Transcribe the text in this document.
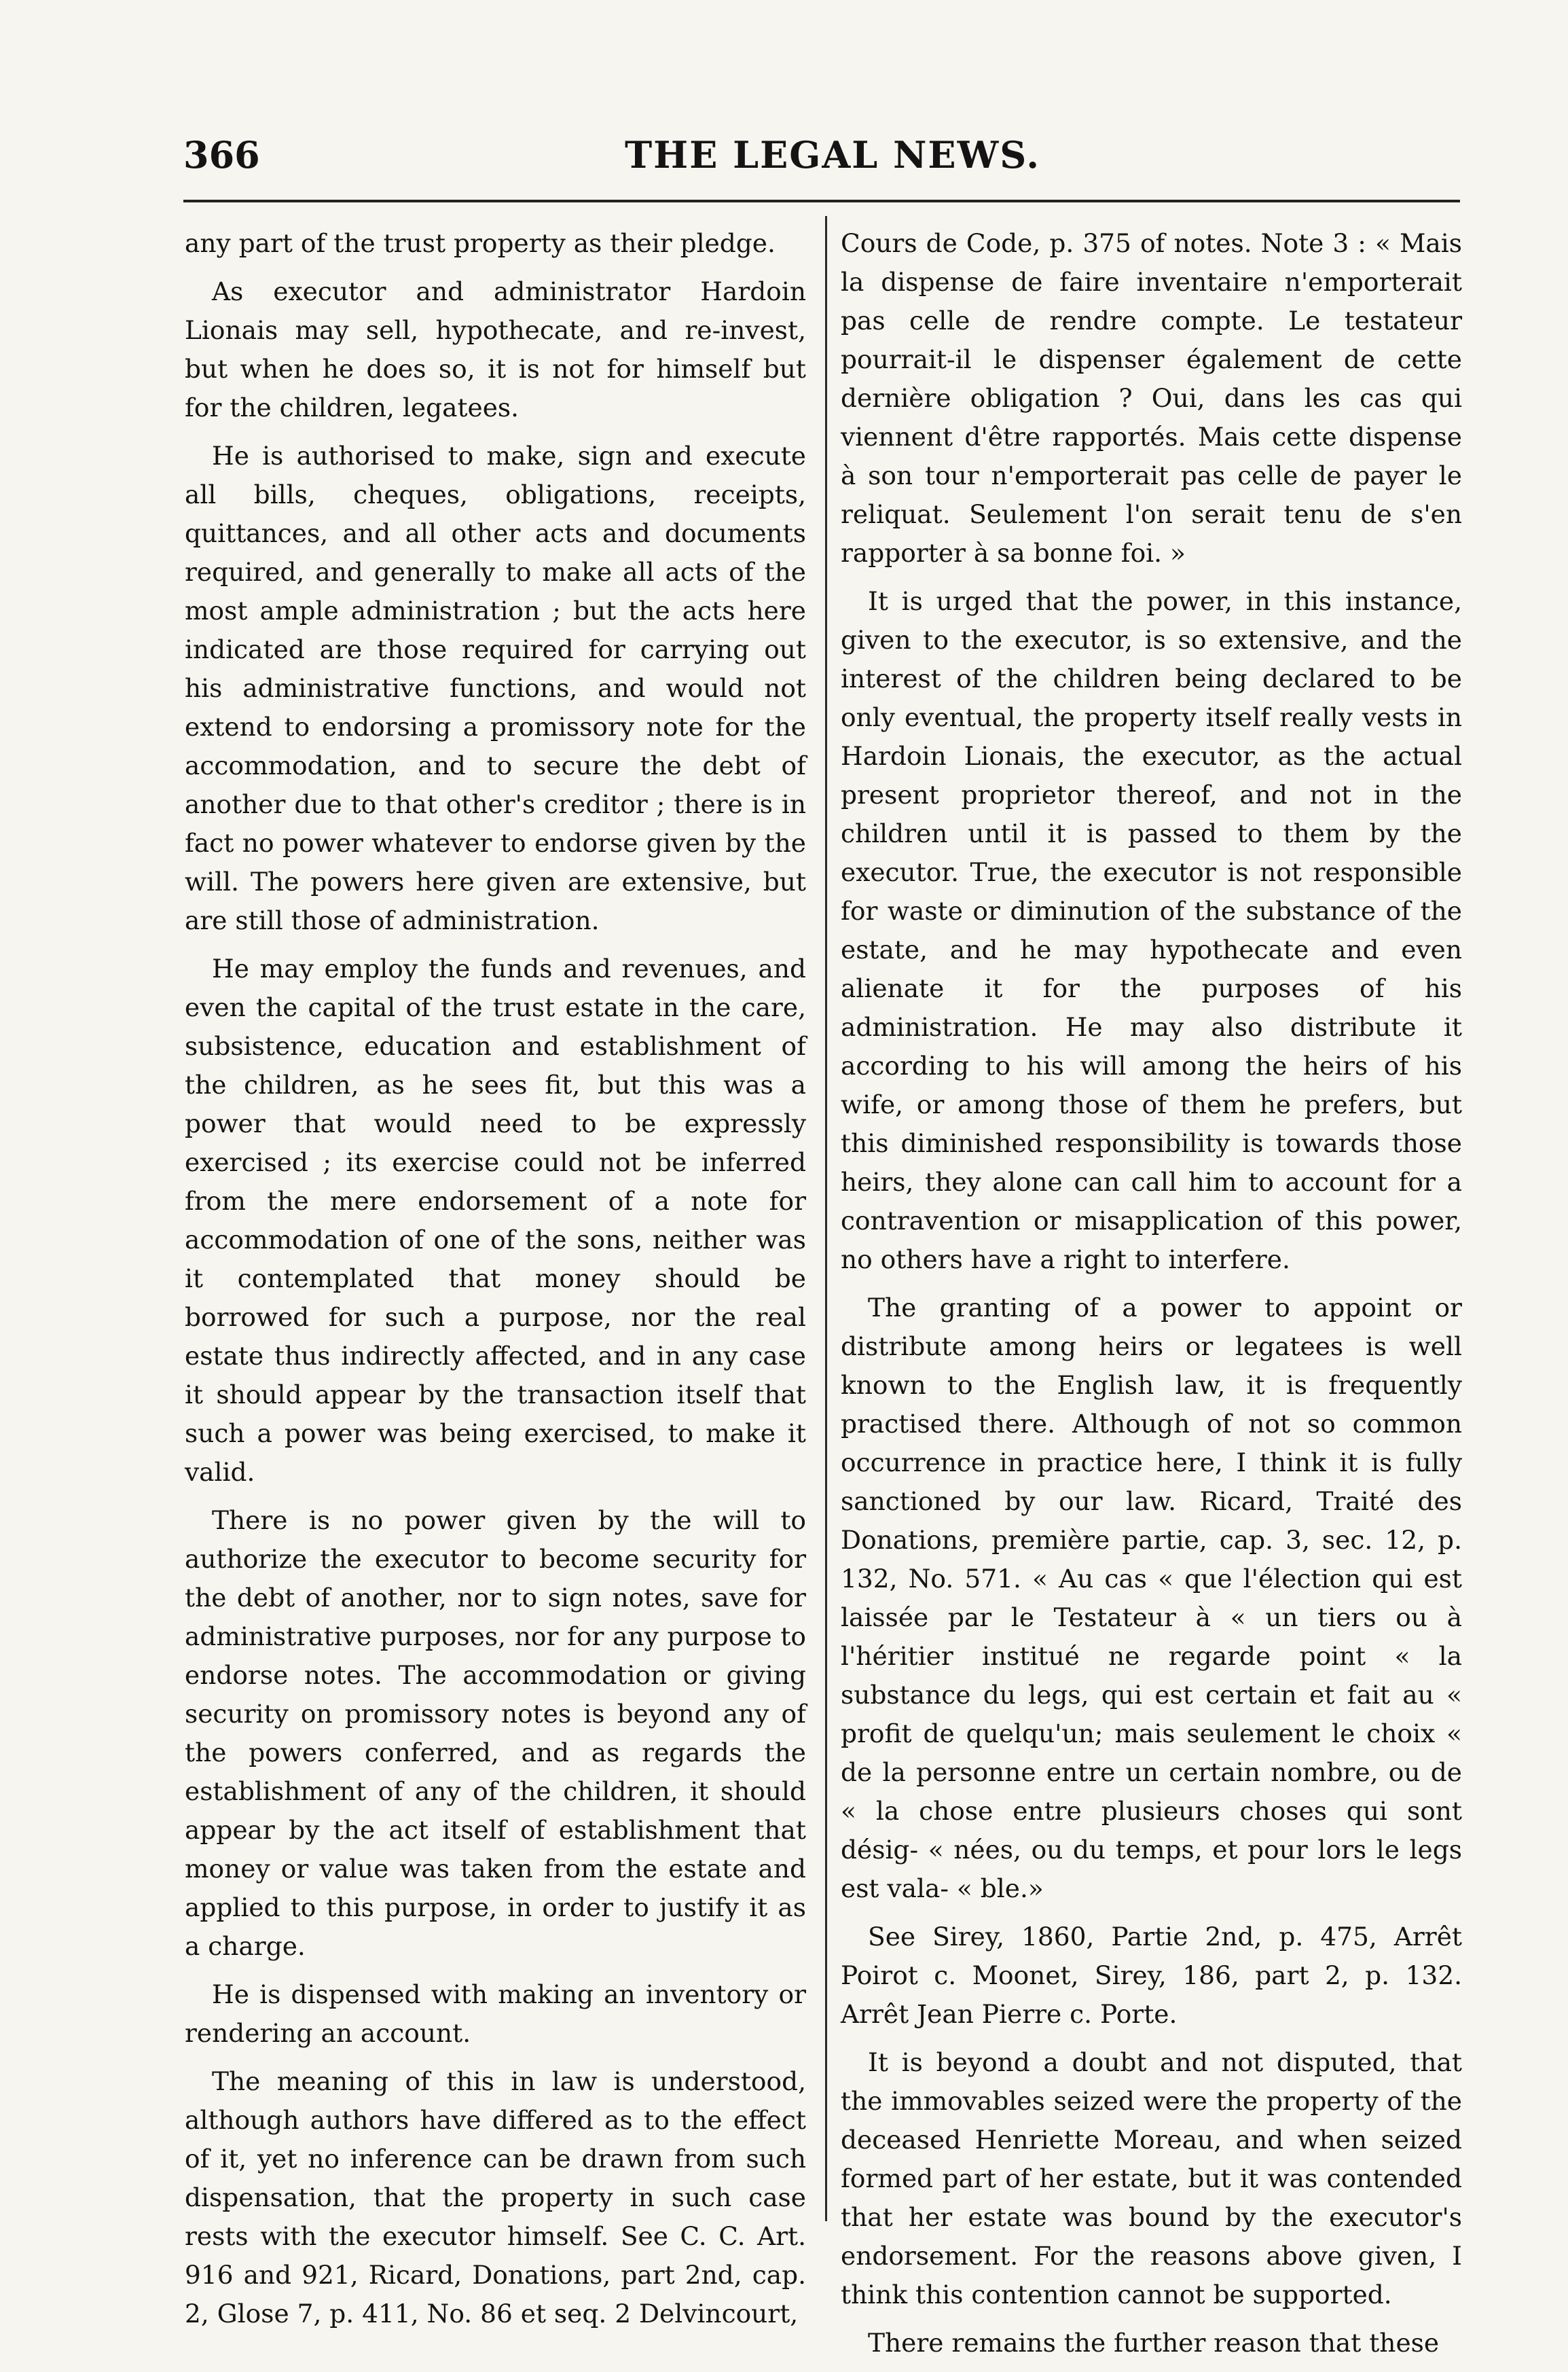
366	THE LEGAL NEWS.

any part of the trust property as their pledge.

As executor and administrator Hardoin Lionais may sell, hypothecate, and re-invest, but when he does so, it is not for himself but for the children, legatees.

He is authorised to make, sign and execute all bills, cheques, obligations, receipts, quittances, and all other acts and documents required, and generally to make all acts of the most ample administration ; but the acts here indicated are those required for carrying out his administrative functions, and would not extend to endorsing a promissory note for the accommodation, and to secure the debt of another due to that other's creditor ; there is in fact no power whatever to endorse given by the will. The powers here given are extensive, but are still those of administration.

He may employ the funds and revenues, and even the capital of the trust estate in the care, subsistence, education and establishment of the children, as he sees fit, but this was a power that would need to be expressly exercised ; its exercise could not be inferred from the mere endorsement of a note for accommodation of one of the sons, neither was it contemplated that money should be borrowed for such a purpose, nor the real estate thus indirectly affected, and in any case it should appear by the transaction itself that such a power was being exercised, to make it valid.

There is no power given by the will to authorize the executor to become security for the debt of another, nor to sign notes, save for administrative purposes, nor for any purpose to endorse notes. The accommodation or giving security on promissory notes is beyond any of the powers conferred, and as regards the establishment of any of the children, it should appear by the act itself of establishment that money or value was taken from the estate and applied to this purpose, in order to justify it as a charge.

He is dispensed with making an inventory or rendering an account.

The meaning of this in law is understood, although authors have differed as to the effect of it, yet no inference can be drawn from such dispensation, that the property in such case rests with the executor himself. See C. C. Art. 916 and 921, Ricard, Donations, part 2nd, cap. 2, Glose 7, p. 411, No. 86 et seq. 2 Delvincourt,

Cours de Code, p. 375 of notes. Note 3 : « Mais la dispense de faire inventaire n'emporterait pas celle de rendre compte. Le testateur pourrait-il le dispenser également de cette dernière obligation ? Oui, dans les cas qui viennent d'être rapportés. Mais cette dispense à son tour n'emporterait pas celle de payer le reliquat. Seulement l'on serait tenu de s'en rapporter à sa bonne foi. »

It is urged that the power, in this instance, given to the executor, is so extensive, and the interest of the children being declared to be only eventual, the property itself really vests in Hardoin Lionais, the executor, as the actual present proprietor thereof, and not in the children until it is passed to them by the executor. True, the executor is not responsible for waste or diminution of the substance of the estate, and he may hypothecate and even alienate it for the purposes of his administration. He may also distribute it according to his will among the heirs of his wife, or among those of them he prefers, but this diminished responsibility is towards those heirs, they alone can call him to account for a contravention or misapplication of this power, no others have a right to interfere.

The granting of a power to appoint or distribute among heirs or legatees is well known to the English law, it is frequently practised there. Although of not so common occurrence in practice here, I think it is fully sanctioned by our law. Ricard, Traité des Donations, première partie, cap. 3, sec. 12, p. 132, No. 571. « Au cas « que l'élection qui est laissée par le Testateur à « un tiers ou à l'héritier institué ne regarde point « la substance du legs, qui est certain et fait au « profit de quelqu'un; mais seulement le choix « de la personne entre un certain nombre, ou de « la chose entre plusieurs choses qui sont désig- « nées, ou du temps, et pour lors le legs est vala- « ble.»

See Sirey, 1860, Partie 2nd, p. 475, Arrêt Poirot c. Moonet, Sirey, 186, part 2, p. 132. Arrêt Jean Pierre c. Porte.

It is beyond a doubt and not disputed, that the immovables seized were the property of the deceased Henriette Moreau, and when seized formed part of her estate, but it was contended that her estate was bound by the executor's endorsement. For the reasons above given, I think this contention cannot be supported.

There remains the further reason that these
